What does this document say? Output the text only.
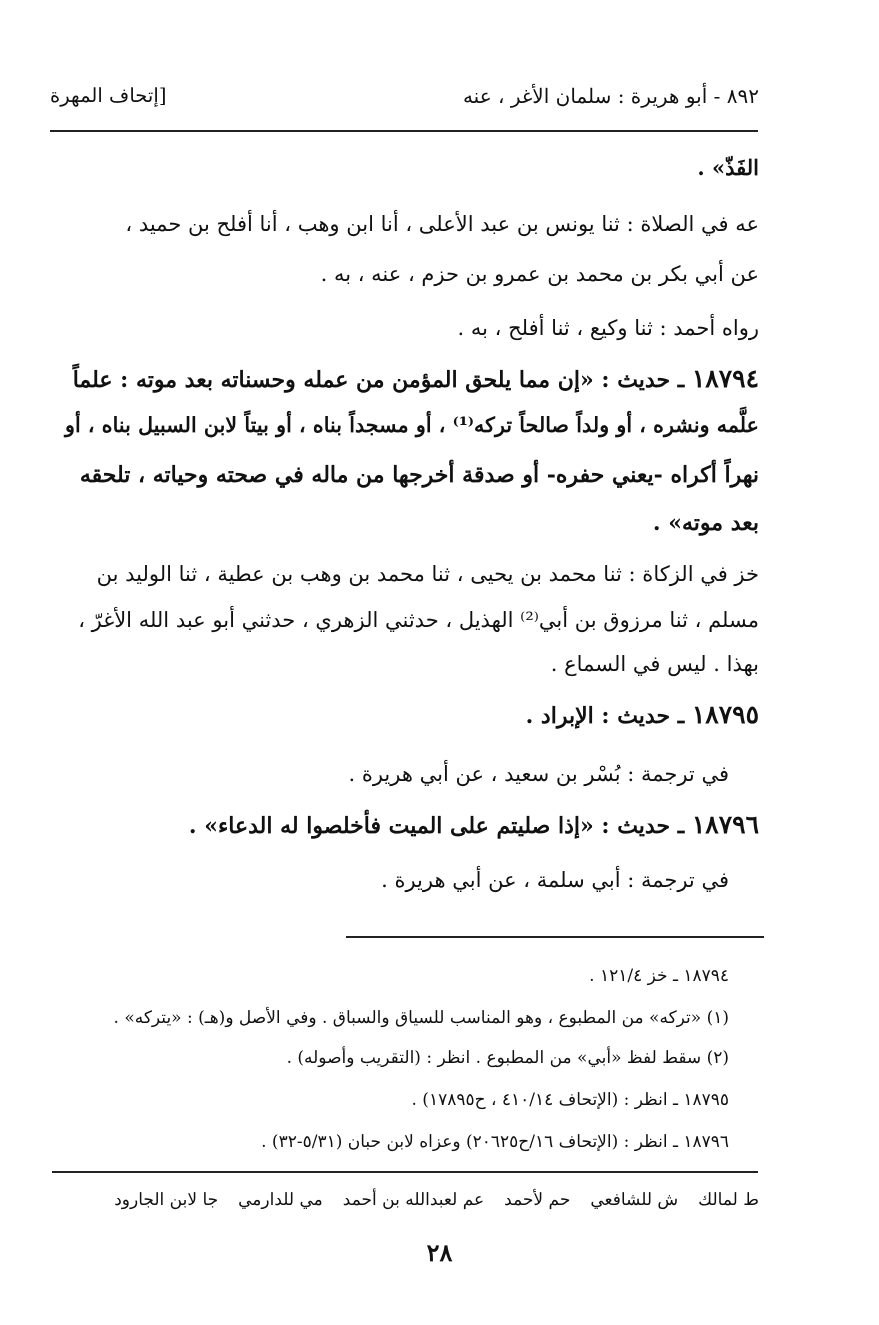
٨٩٢ - أبو هريرة : سلمان الأغر ، عنه
[إتحاف المهرة
الفَذّ» .
عه في الصلاة : ثنا يونس بن عبد الأعلى ، أنا ابن وهب ، أنا أفلح بن حميد ،
عن أبي بكر بن محمد بن عمرو بن حزم ، عنه ، به .
رواه أحمد : ثنا وكيع ، ثنا أفلح ، به .
١٨٧٩٤ ـ حديث : «إن مما يلحق المؤمن من عمله وحسناته بعد موته : علماً
علَّمه ونشره ، أو ولداً صالحاً تركه⁽¹⁾ ، أو مسجداً بناه ، أو بيتاً لابن السبيل بناه ، أو
نهراً أكراه -يعني حفره- أو صدقة أخرجها من ماله في صحته وحياته ، تلحقه
بعد موته» .
خز في الزكاة : ثنا محمد بن يحيى ، ثنا محمد بن وهب بن عطية ، ثنا الوليد بن
مسلم ، ثنا مرزوق بن أبي⁽²⁾ الهذيل ، حدثني الزهري ، حدثني أبو عبد الله الأغرّ ،
بهذا . ليس في السماع .
١٨٧٩٥ ـ حديث : الإبراد .
في ترجمة : بُسْر بن سعيد ، عن أبي هريرة .
١٨٧٩٦ ـ حديث : «إذا صليتم على الميت فأخلصوا له الدعاء» .
في ترجمة : أبي سلمة ، عن أبي هريرة .
١٨٧٩٤ ـ خز ١٢١/٤ .
(١) «تركه» من المطبوع ، وهو المناسب للسياق والسباق . وفي الأصل و(هـ) : «يتركه» .
(٢) سقط لفظ «أبي» من المطبوع . انظر : (التقريب وأصوله) .
١٨٧٩٥ ـ انظر : (الإتحاف ٤١٠/١٤ ، ح١٧٨٩٥) .
١٨٧٩٦ ـ انظر : (الإتحاف ١٦/ح٢٠٦٢٥) وعزاه لابن حبان (٥/٣١-٣٢) .
ط لمالك
ش للشافعي
حم لأحمد
عم لعبدالله بن أحمد
مي للدارمي
جا لابن الجارود
٢٨
